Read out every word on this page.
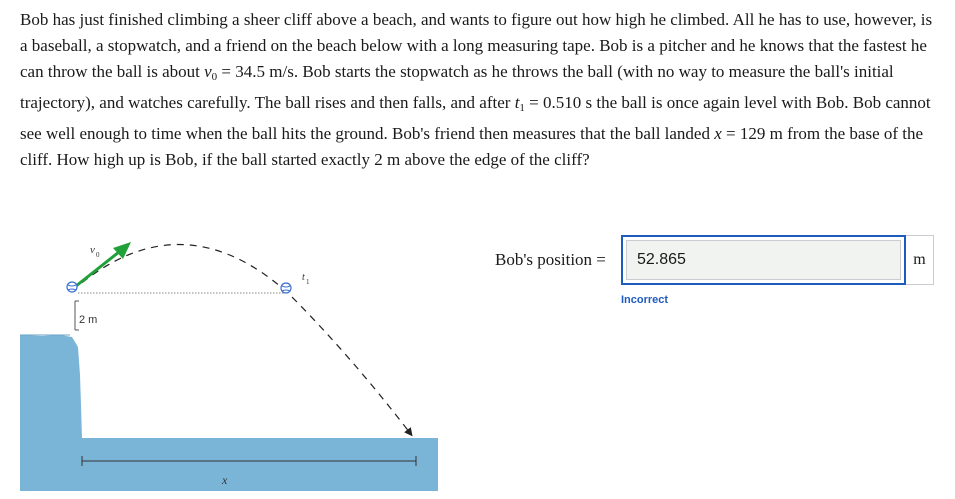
Bob has just finished climbing a sheer cliff above a beach, and wants to figure out how high he climbed. All he has to use, however, is a baseball, a stopwatch, and a friend on the beach below with a long measuring tape. Bob is a pitcher and he knows that the fastest he can throw the ball is about $v_0 = 34.5$ m/s. Bob starts the stopwatch as he throws the ball (with no way to measure the ball's initial trajectory), and watches carefully. The ball rises and then falls, and after $t_1 = 0.510$ s the ball is once again level with Bob. Bob cannot see well enough to time when the ball hits the ground. Bob's friend then measures that the ball landed x = 129 m from the base of the cliff. How high up is Bob, if the ball started exactly 2 m above the edge of the cliff?
x
2 m
v 0
t 1
Bob's position =
52.865	m
Incorrect
